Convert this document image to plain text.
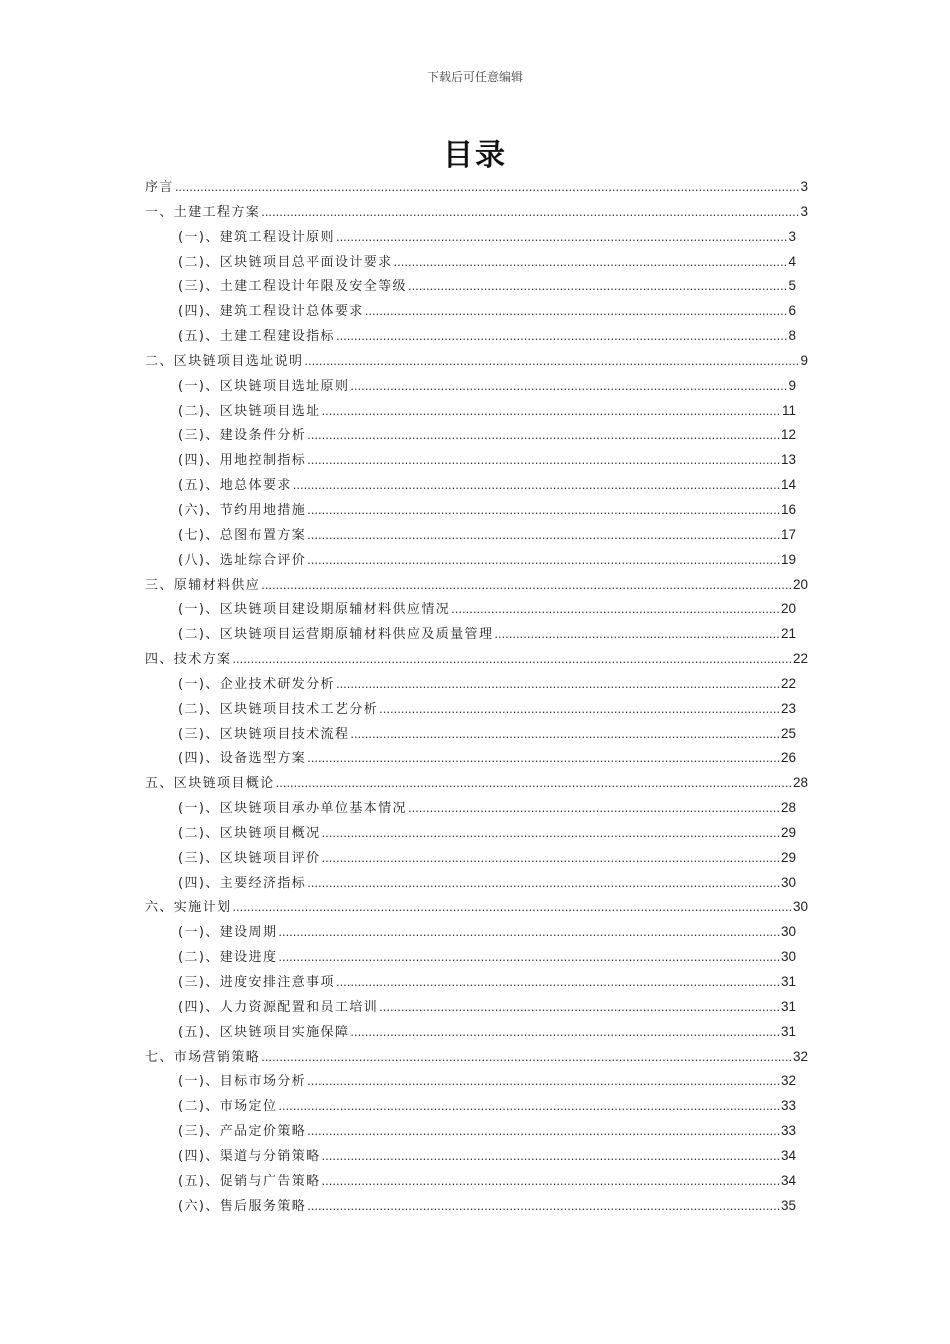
下载后可任意编辑
目录
序言 .....	3
一、土建工程方案 .....	3
(一)、建筑工程设计原则 .....	3
(二)、区块链项目总平面设计要求 .....	4
(三)、土建工程设计年限及安全等级 .....	5
(四)、建筑工程设计总体要求 .....	6
(五)、土建工程建设指标 .....	8
二、区块链项目选址说明 .....	9
(一)、区块链项目选址原则 .....	9
(二)、区块链项目选址 .....	11
(三)、建设条件分析 .....	12
(四)、用地控制指标 .....	13
(五)、地总体要求 .....	14
(六)、节约用地措施 .....	16
(七)、总图布置方案 .....	17
(八)、选址综合评价 .....	19
三、原辅材料供应 .....	20
(一)、区块链项目建设期原辅材料供应情况 .....	20
(二)、区块链项目运营期原辅材料供应及质量管理 .....	21
四、技术方案 .....	22
(一)、企业技术研发分析 .....	22
(二)、区块链项目技术工艺分析 .....	23
(三)、区块链项目技术流程 .....	25
(四)、设备选型方案 .....	26
五、区块链项目概论 .....	28
(一)、区块链项目承办单位基本情况 .....	28
(二)、区块链项目概况 .....	29
(三)、区块链项目评价 .....	29
(四)、主要经济指标 .....	30
六、实施计划 .....	30
(一)、建设周期 .....	30
(二)、建设进度 .....	30
(三)、进度安排注意事项 .....	31
(四)、人力资源配置和员工培训 .....	31
(五)、区块链项目实施保障 .....	31
七、市场营销策略 .....	32
(一)、目标市场分析 .....	32
(二)、市场定位 .....	33
(三)、产品定价策略 .....	33
(四)、渠道与分销策略 .....	34
(五)、促销与广告策略 .....	34
(六)、售后服务策略 .....	35
